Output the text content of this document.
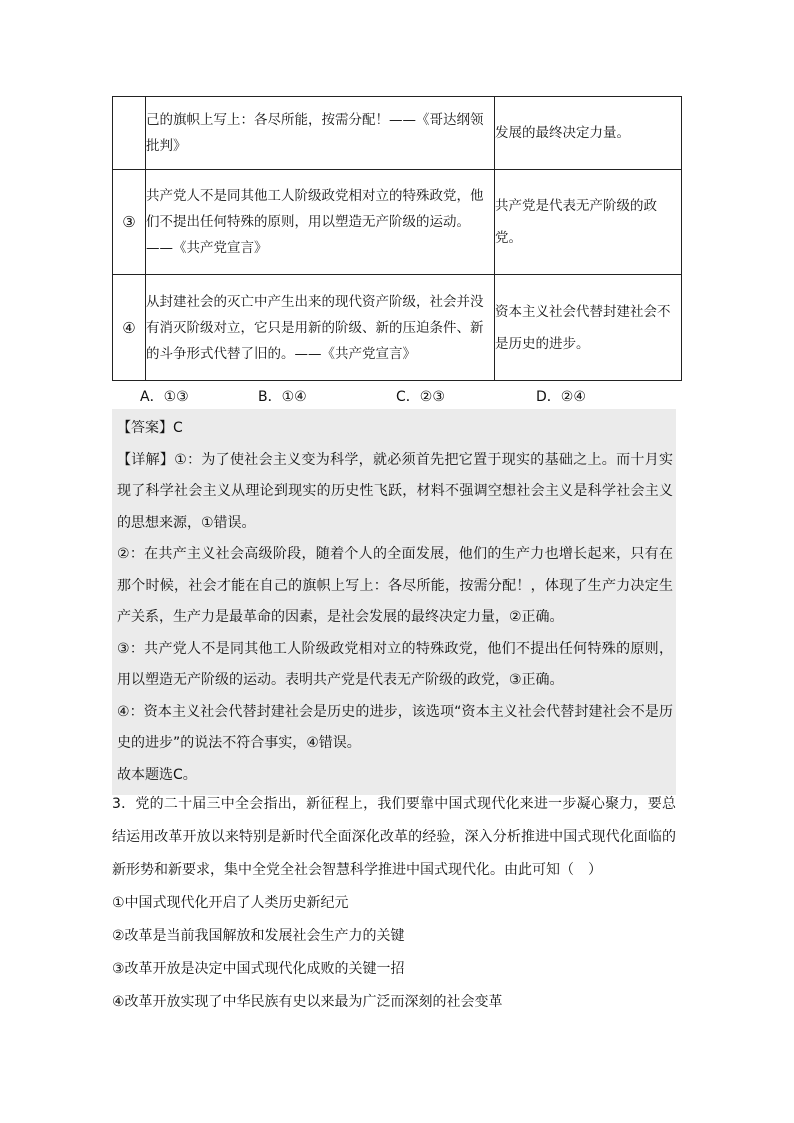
	己的旗帜上写上：各尽所能，按需分配！——《哥达纲领批判》	发展的最终决定力量。
③	共产党人不是同其他工人阶级政党相对立的特殊政党，他们不提出任何特殊的原则，用以塑造无产阶级的运动。——《共产党宣言》	共产党是代表无产阶级的政党。
④	从封建社会的灭亡中产生出来的现代资产阶级，社会并没有消灭阶级对立，它只是用新的阶级、新的压迫条件、新的斗争形式代替了旧的。——《共产党宣言》	资本主义社会代替封建社会不是历史的进步。
A．①③	B．①④	C．②③	D．②④

【答案】C

【详解】①：为了使社会主义变为科学，就必须首先把它置于现实的基础之上。而十月实现了科学社会主义从理论到现实的历史性飞跃，材料不强调空想社会主义是科学社会主义的思想来源，①错误。

②：在共产主义社会高级阶段，随着个人的全面发展，他们的生产力也增长起来，只有在那个时候，社会才能在自己的旗帜上写上：各尽所能，按需分配！，体现了生产力决定生产关系，生产力是最革命的因素，是社会发展的最终决定力量，②正确。

③：共产党人不是同其他工人阶级政党相对立的特殊政党，他们不提出任何特殊的原则，用以塑造无产阶级的运动。表明共产党是代表无产阶级的政党，③正确。

④：资本主义社会代替封建社会是历史的进步，该选项“资本主义社会代替封建社会不是历史的进步”的说法不符合事实，④错误。

故本题选C。

3．党的二十届三中全会指出，新征程上，我们要靠中国式现代化来进一步凝心聚力，要总结运用改革开放以来特别是新时代全面深化改革的经验，深入分析推进中国式现代化面临的新形势和新要求，集中全党全社会智慧科学推进中国式现代化。由此可知（　）

①中国式现代化开启了人类历史新纪元

②改革是当前我国解放和发展社会生产力的关键

③改革开放是决定中国式现代化成败的关键一招

④改革开放实现了中华民族有史以来最为广泛而深刻的社会变革
